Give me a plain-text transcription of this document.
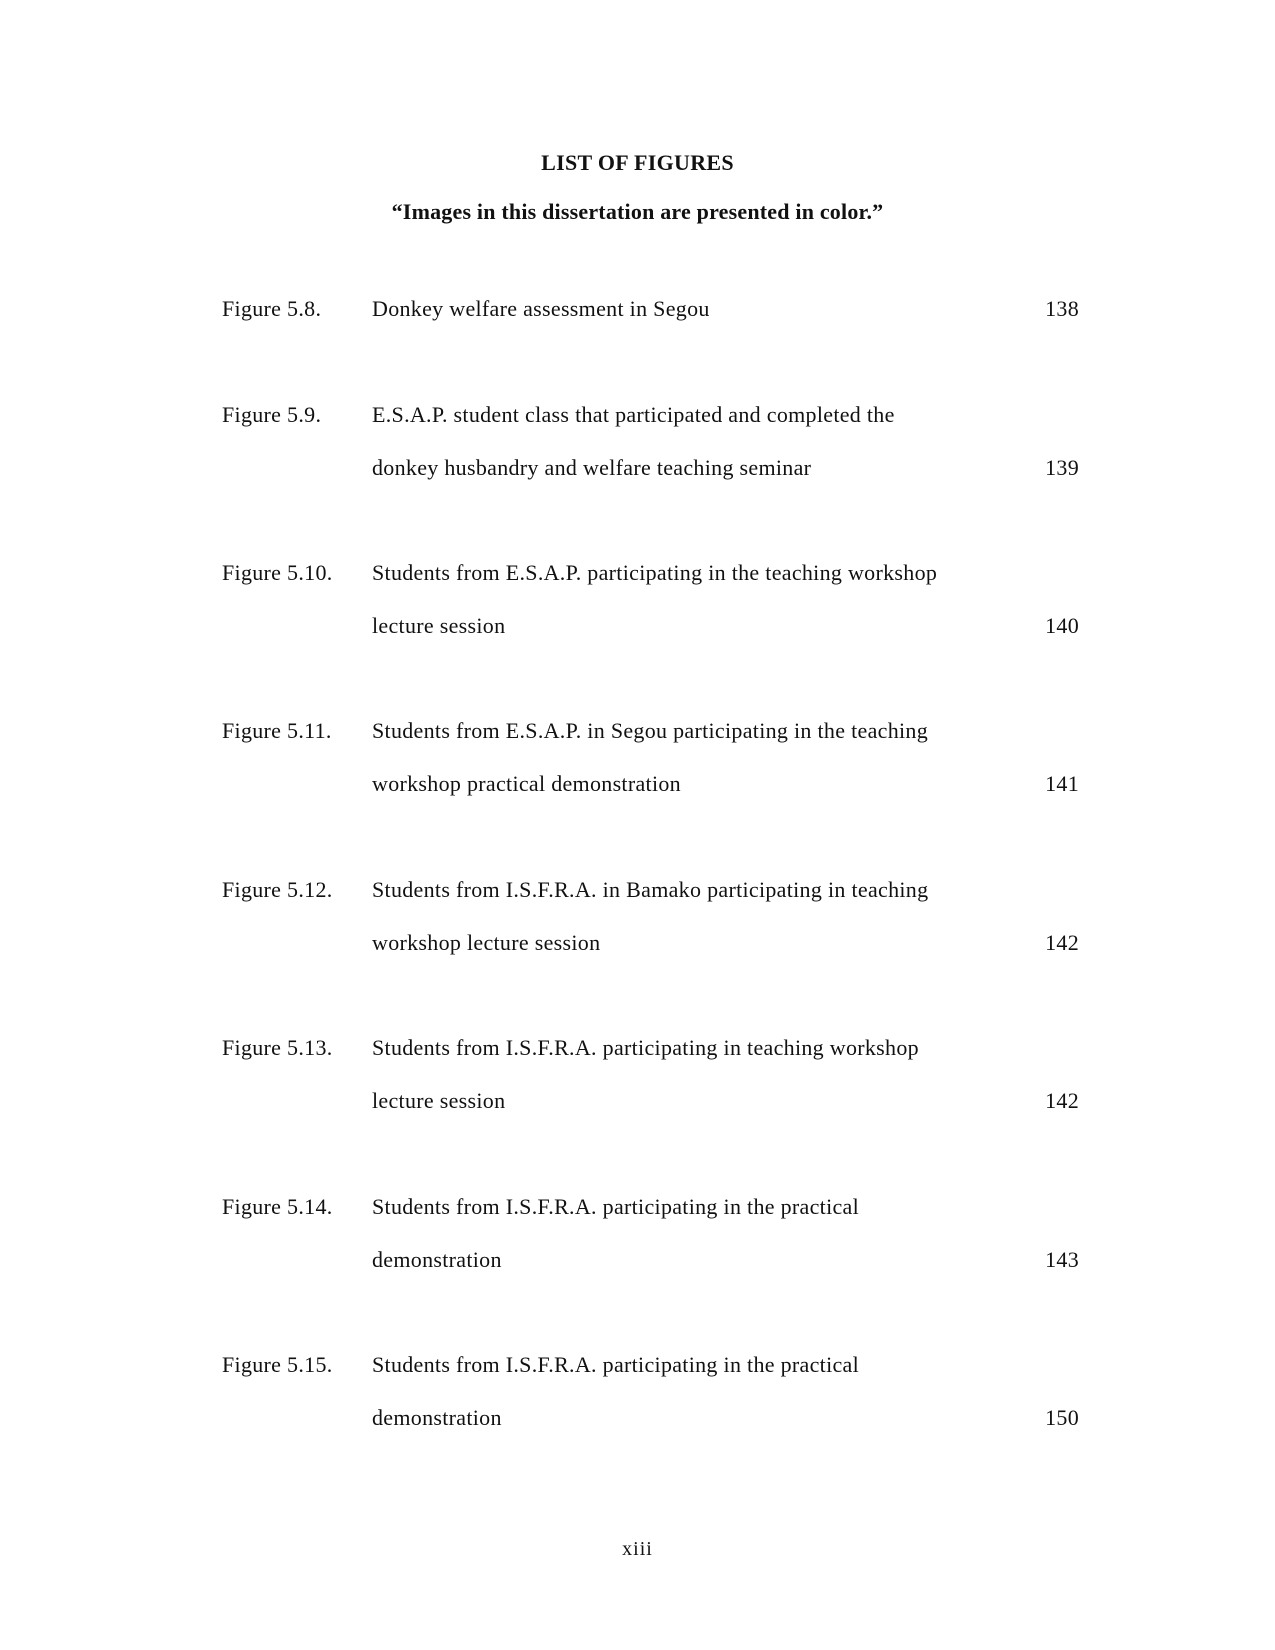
LIST OF FIGURES
“Images in this dissertation are presented in color.”
Figure 5.8. Donkey welfare assessment in Segou	138
Figure 5.9. E.S.A.P. student class that participated and completed the
donkey husbandry and welfare teaching seminar	139
Figure 5.10. Students from E.S.A.P. participating in the teaching workshop
lecture session	140
Figure 5.11. Students from E.S.A.P. in Segou participating in the teaching
workshop practical demonstration	141
Figure 5.12. Students from I.S.F.R.A. in Bamako participating in teaching
workshop lecture session	142
Figure 5.13. Students from I.S.F.R.A. participating in teaching workshop
lecture session	142
Figure 5.14. Students from I.S.F.R.A. participating in the practical
demonstration	143
Figure 5.15. Students from I.S.F.R.A. participating in the practical
demonstration	150
xiii
